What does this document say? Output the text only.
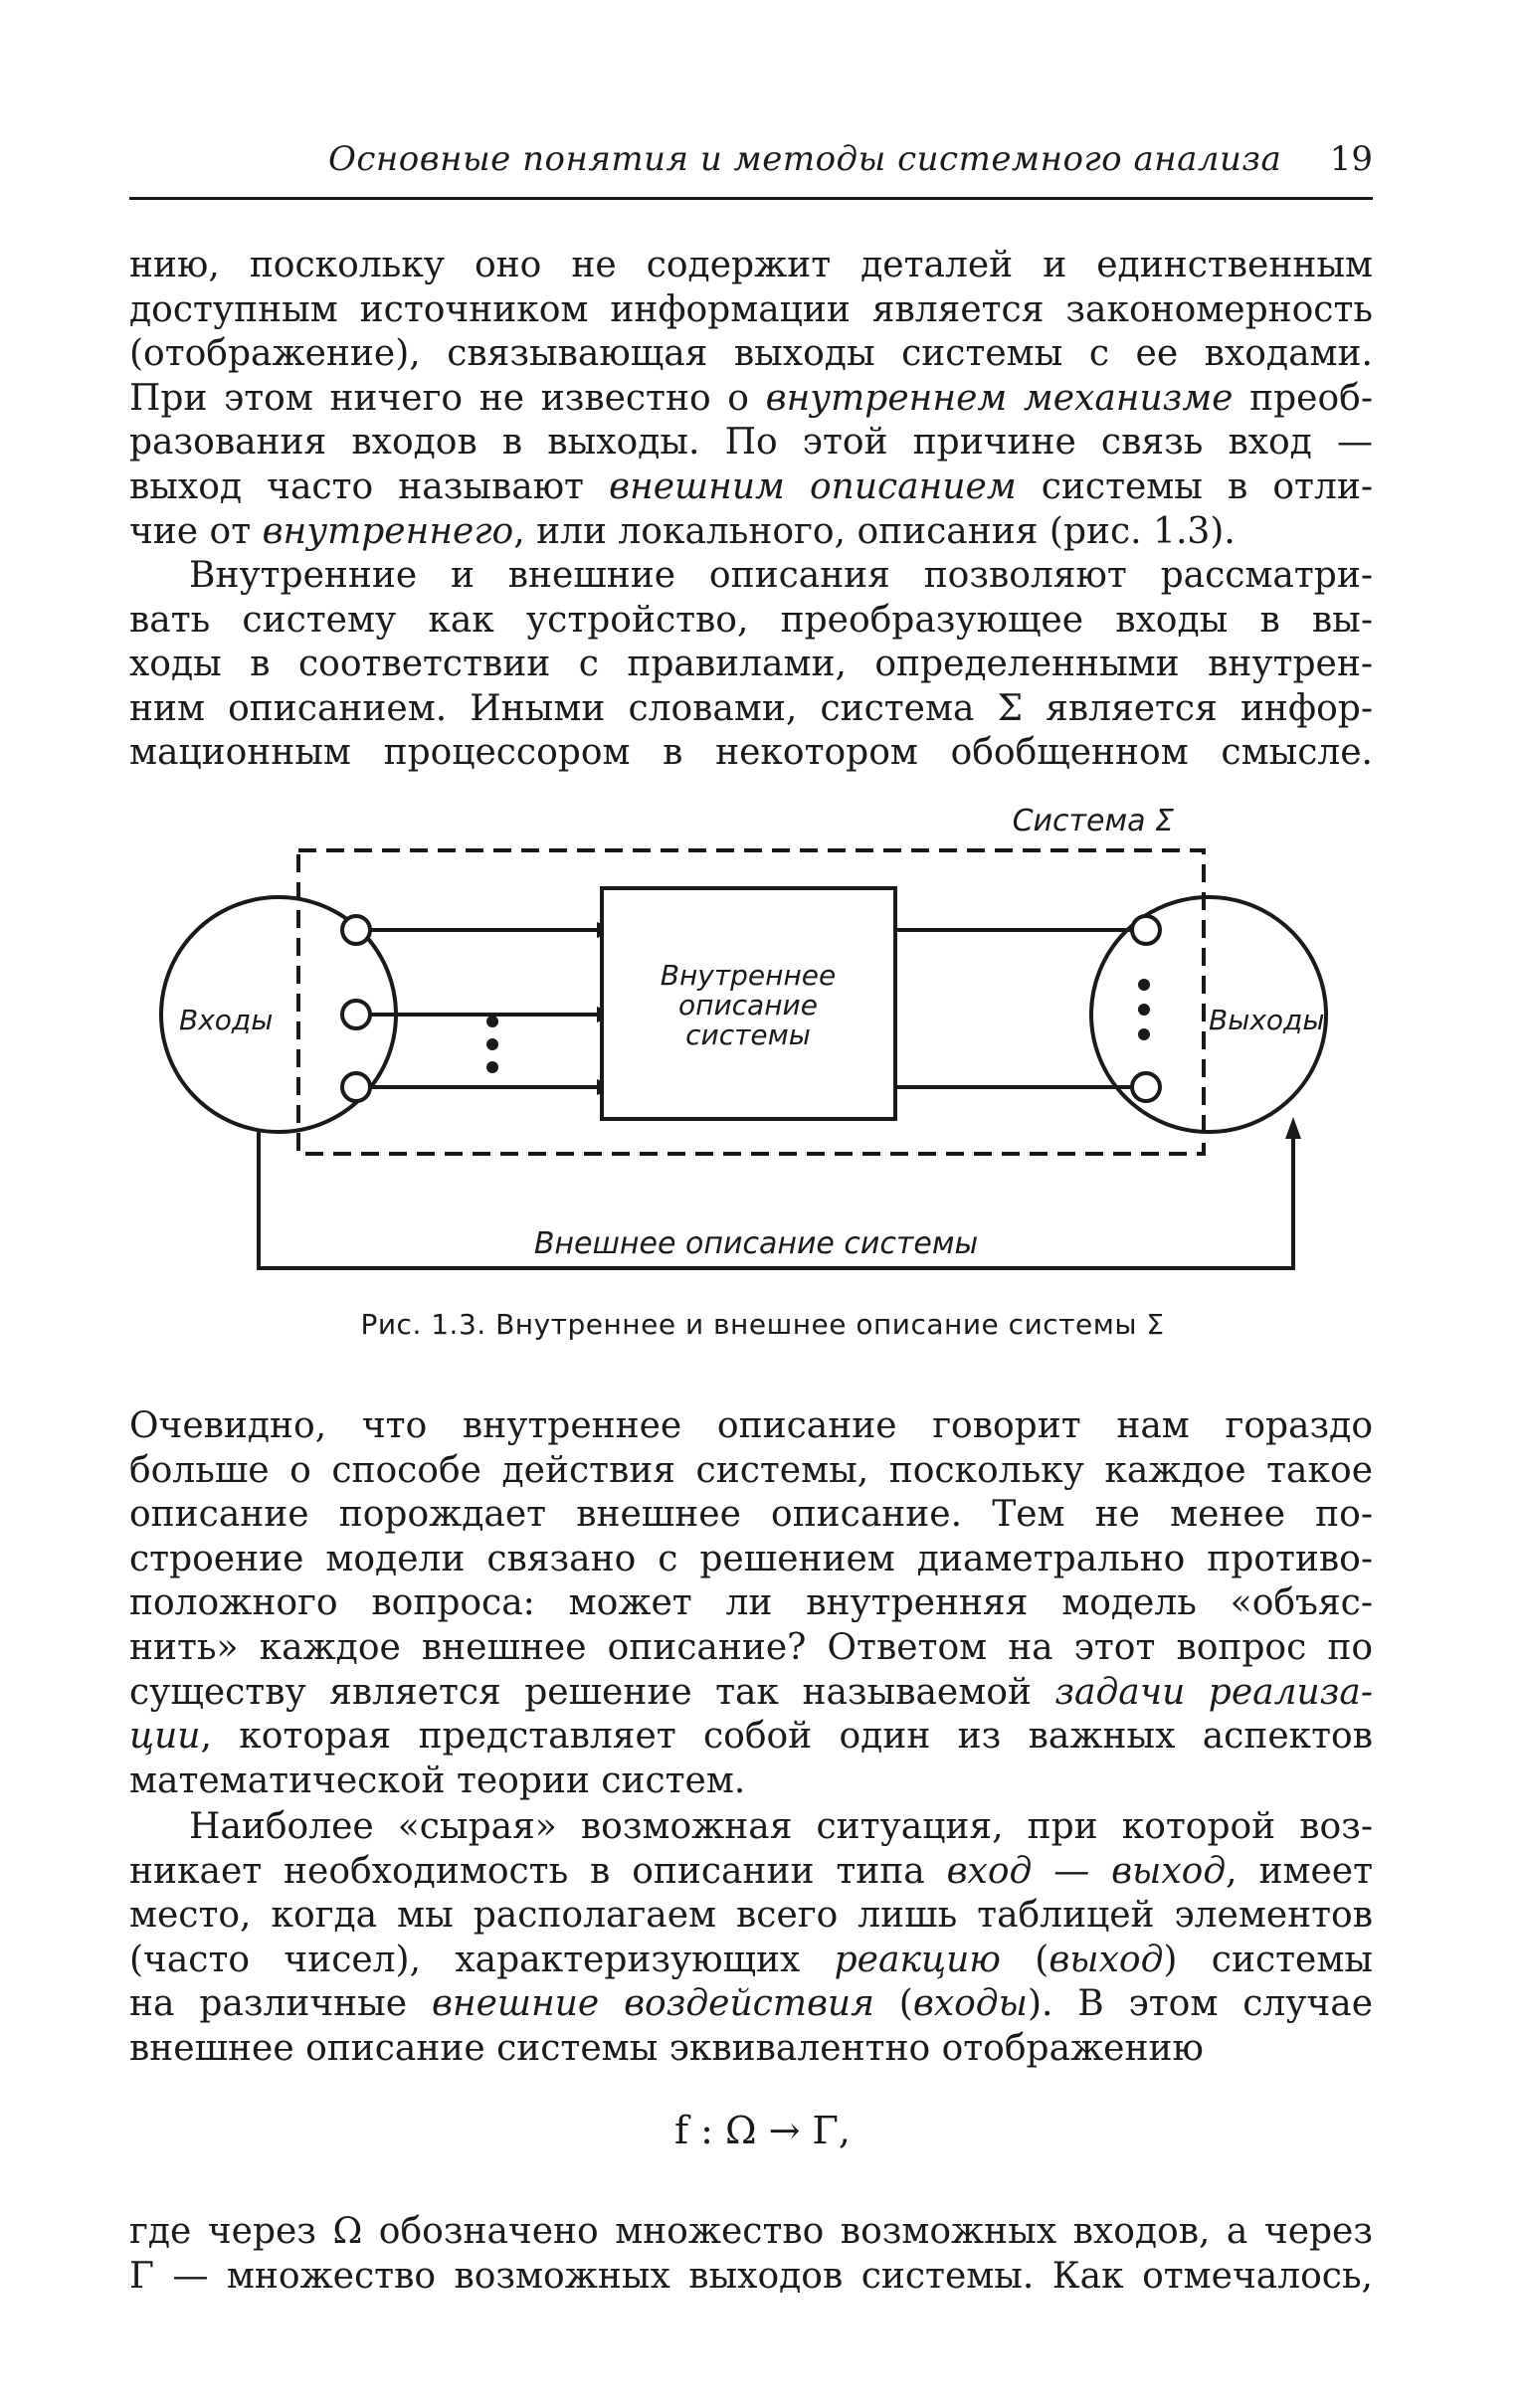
Основные понятия и методы системного анализа 19
нию, поскольку оно не содержит деталей и единственным
доступным источником информации является закономерность
(отображение), связывающая выходы системы с ее входами.
При этом ничего не известно о внутреннем механизме преоб-
разования входов в выходы. По этой причине связь вход —
выход часто называют внешним описанием системы в отли-
чие от внутреннего, или локального, описания (рис. 1.3).
Внутренние и внешние описания позволяют рассматри-
вать систему как устройство, преобразующее входы в вы-
ходы в соответствии с правилами, определенными внутрен-
ним описанием. Иными словами, система Σ является инфор-
мационным процессором в некотором обобщенном смысле.
Система Σ
Входы	Выходы
Внутреннее
описание
системы
Внешнее описание системы
Рис. 1.3. Внутреннее и внешнее описание системы Σ
Очевидно, что внутреннее описание говорит нам гораздо
больше о способе действия системы, поскольку каждое такое
описание порождает внешнее описание. Тем не менее по-
строение модели связано с решением диаметрально противо-
положного вопроса: может ли внутренняя модель «объяс-
нить» каждое внешнее описание? Ответом на этот вопрос по
существу является решение так называемой задачи реализа-
ции, которая представляет собой один из важных аспектов
математической теории систем.
Наиболее «сырая» возможная ситуация, при которой воз-
никает необходимость в описании типа вход — выход, имеет
место, когда мы располагаем всего лишь таблицей элементов
(часто чисел), характеризующих реакцию (выход) системы
на различные внешние воздействия (входы). В этом случае
внешнее описание системы эквивалентно отображению
f : Ω → Γ,
где через Ω обозначено множество возможных входов, а через
Γ — множество возможных выходов системы. Как отмечалось,
